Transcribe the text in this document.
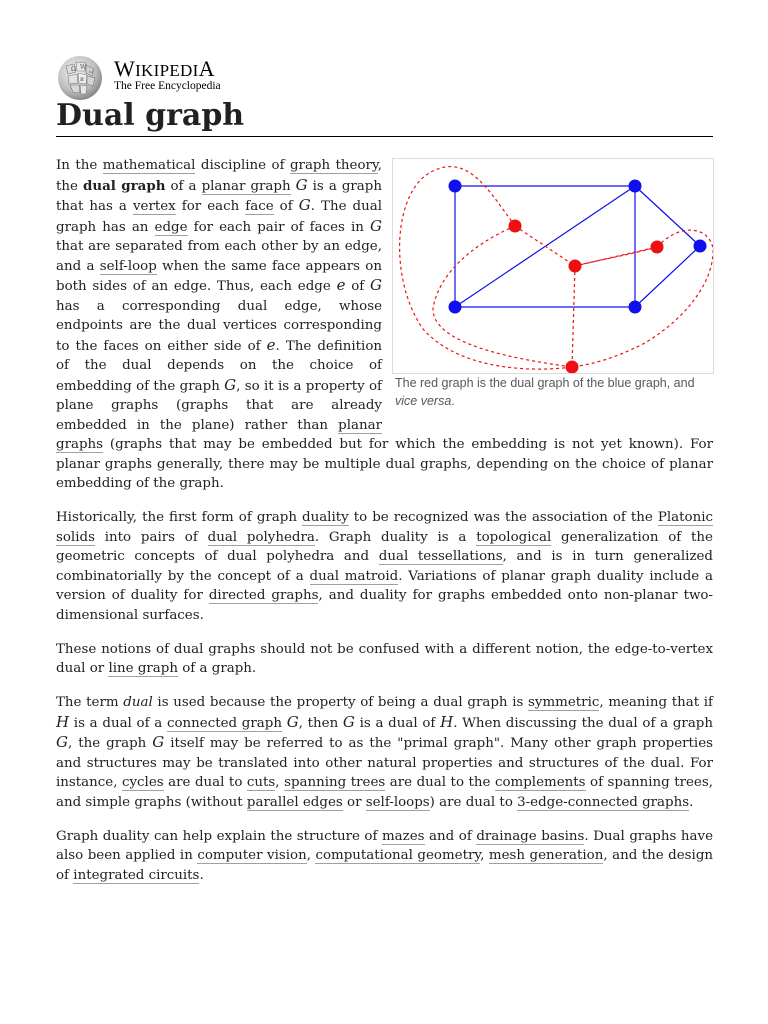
Ω W
ω
и WIKIPEDIA
The Free Encyclopedia
Dual graph
The red graph is the dual graph of the blue graph, and vice versa.

In the mathematical discipline of graph theory, the dual graph of a planar graph G is a graph that has a vertex for each face of G. The dual graph has an edge for each pair of faces in G that are separated from each other by an edge, and a self-loop when the same face appears on both sides of an edge. Thus, each edge e of G has a corresponding dual edge, whose endpoints are the dual vertices corresponding to the faces on either side of e. The definition of the dual depends on the choice of embedding of the graph G, so it is a property of plane graphs (graphs that are already embedded in the plane) rather than planar graphs (graphs that may be embedded but for which the embedding is not yet known). For planar graphs generally, there may be multiple dual graphs, depending on the choice of planar embedding of the graph.

Historically, the first form of graph duality to be recognized was the association of the Platonic solids into pairs of dual polyhedra. Graph duality is a topological generalization of the geometric concepts of dual polyhedra and dual tessellations, and is in turn generalized combinatorially by the concept of a dual matroid. Variations of planar graph duality include a version of duality for directed graphs, and duality for graphs embedded onto non-planar two-dimensional surfaces.

These notions of dual graphs should not be confused with a different notion, the edge-to-vertex dual or line graph of a graph.

The term dual is used because the property of being a dual graph is symmetric, meaning that if H is a dual of a connected graph G, then G is a dual of H. When discussing the dual of a graph G, the graph G itself may be referred to as the "primal graph". Many other graph properties and structures may be translated into other natural properties and structures of the dual. For instance, cycles are dual to cuts, spanning trees are dual to the complements of spanning trees, and simple graphs (without parallel edges or self-loops) are dual to 3-edge-connected graphs.

Graph duality can help explain the structure of mazes and of drainage basins. Dual graphs have also been applied in computer vision, computational geometry, mesh generation, and the design of integrated circuits.
